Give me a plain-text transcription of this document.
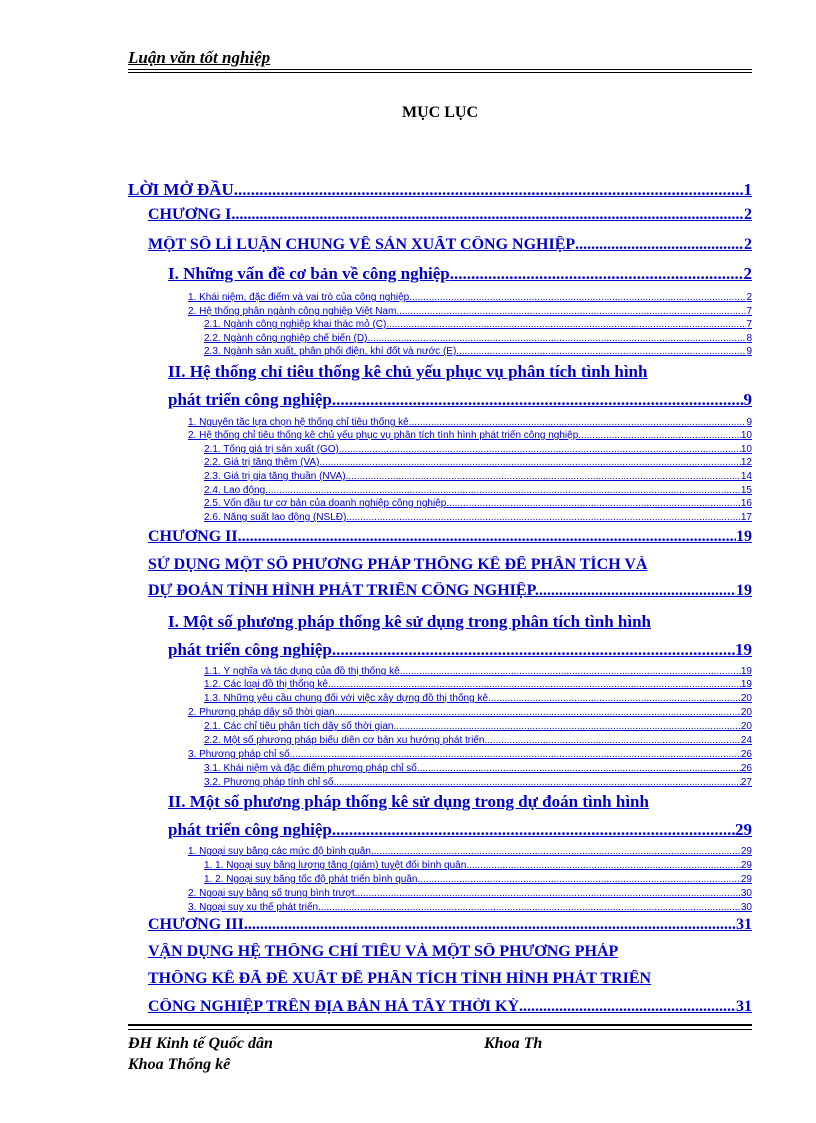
Luận văn tốt nghiệp
MỤC LỤC
LỜI MỞ ĐẦU .....	1
CHƯƠNG I .....	2
MỘT SỐ LÍ LUẬN CHUNG VỀ SẢN XUẤT CÔNG NGHIỆP .....	2
I. Những vấn đề cơ bản về công nghiệp .....	2
1. Khái niệm, đặc điểm và vai trò của công nghiệp .....	2
2. Hệ thống phân ngành công nghiệp Việt Nam .....	7
2.1. Ngành công nghiệp khai thác mỏ (C) .....	7
2.2. Ngành công nghiệp chế biến (D) .....	8
2.3. Ngành sản xuất, phân phối điện, khí đốt và nước (E) .....	9
II. Hệ thống chỉ tiêu thống kê chủ yếu phục vụ phân tích tình hình
phát triển công nghiệp .....	9
1. Nguyên tắc lựa chọn hệ thống chỉ tiêu thống kê .....	9
2. Hệ thống chỉ tiêu thống kê chủ yếu phục vụ phân tích tình hình phát triển công nghiệp .....	10
2.1. Tổng giá trị sản xuất (GO) .....	10
2.2. Giá trị tăng thêm (VA) .....	12
2.3. Giá trị gia tăng thuần (NVA) .....	14
2.4. Lao động .....	15
2.5. Vốn đầu tư cơ bản của doanh nghiệp công nghiệp .....	16
2.6. Năng suất lao động (NSLĐ) .....	17
CHƯƠNG II .....	19
SỬ DỤNG MỘT SỐ PHƯƠNG PHÁP THỐNG KÊ ĐỂ PHÂN TÍCH VÀ
DỰ ĐOÁN TÌNH HÌNH PHÁT TRIỂN CÔNG NGHIỆP. .....	19
I. Một số phương pháp thống kê sử dụng trong phân tích tình hình
phát triển công nghiệp .....	19
1.1. Ý nghĩa và tác dụng của đồ thị thống kê .....	19
1.2. Các loại đồ thị thống kê .....	19
1.3. Những yêu cầu chung đối với việc xây dựng đồ thị thống kê .....	20
2. Phương pháp dãy số thời gian .....	20
2.1. Các chỉ tiêu phân tích dãy số thời gian .....	20
2.2. Một số phương pháp biểu diễn cơ bản xu hướng phát triển .....	24
3. Phương pháp chỉ số .....	26
3.1. Khái niệm và đặc điểm phương pháp chỉ số .....	26
3.2. Phương pháp tính chỉ số .....	27
II. Một số phương pháp thống kê sử dụng trong dự đoán tình hình
phát triển công nghiệp .....	29
1. Ngoại suy bằng các mức độ bình quân .....	29
1. 1. Ngoại suy bằng lượng tăng (giảm) tuyệt đối bình quân .....	29
1. 2. Ngoại suy bằng tốc độ phát triển bình quân .....	29
2. Ngoại suy bằng số trung bình trượt .....	30
3. Ngoại suy xu thế phát triển .....	30
CHƯƠNG III .....	31
VẬN DỤNG HỆ THỐNG CHỈ TIÊU VÀ MỘT SỐ PHƯƠNG PHÁP
THỐNG KÊ ĐÃ ĐỀ XUẤT ĐỂ PHÂN TÍCH TÌNH HÌNH PHÁT TRIỂN
CÔNG NGHIỆP TRÊN ĐỊA BÀN HÀ TÂY THỜI KỲ .....	31
ĐH Kinh tế Quốc dân	Khoa Th
Khoa Thống kê
